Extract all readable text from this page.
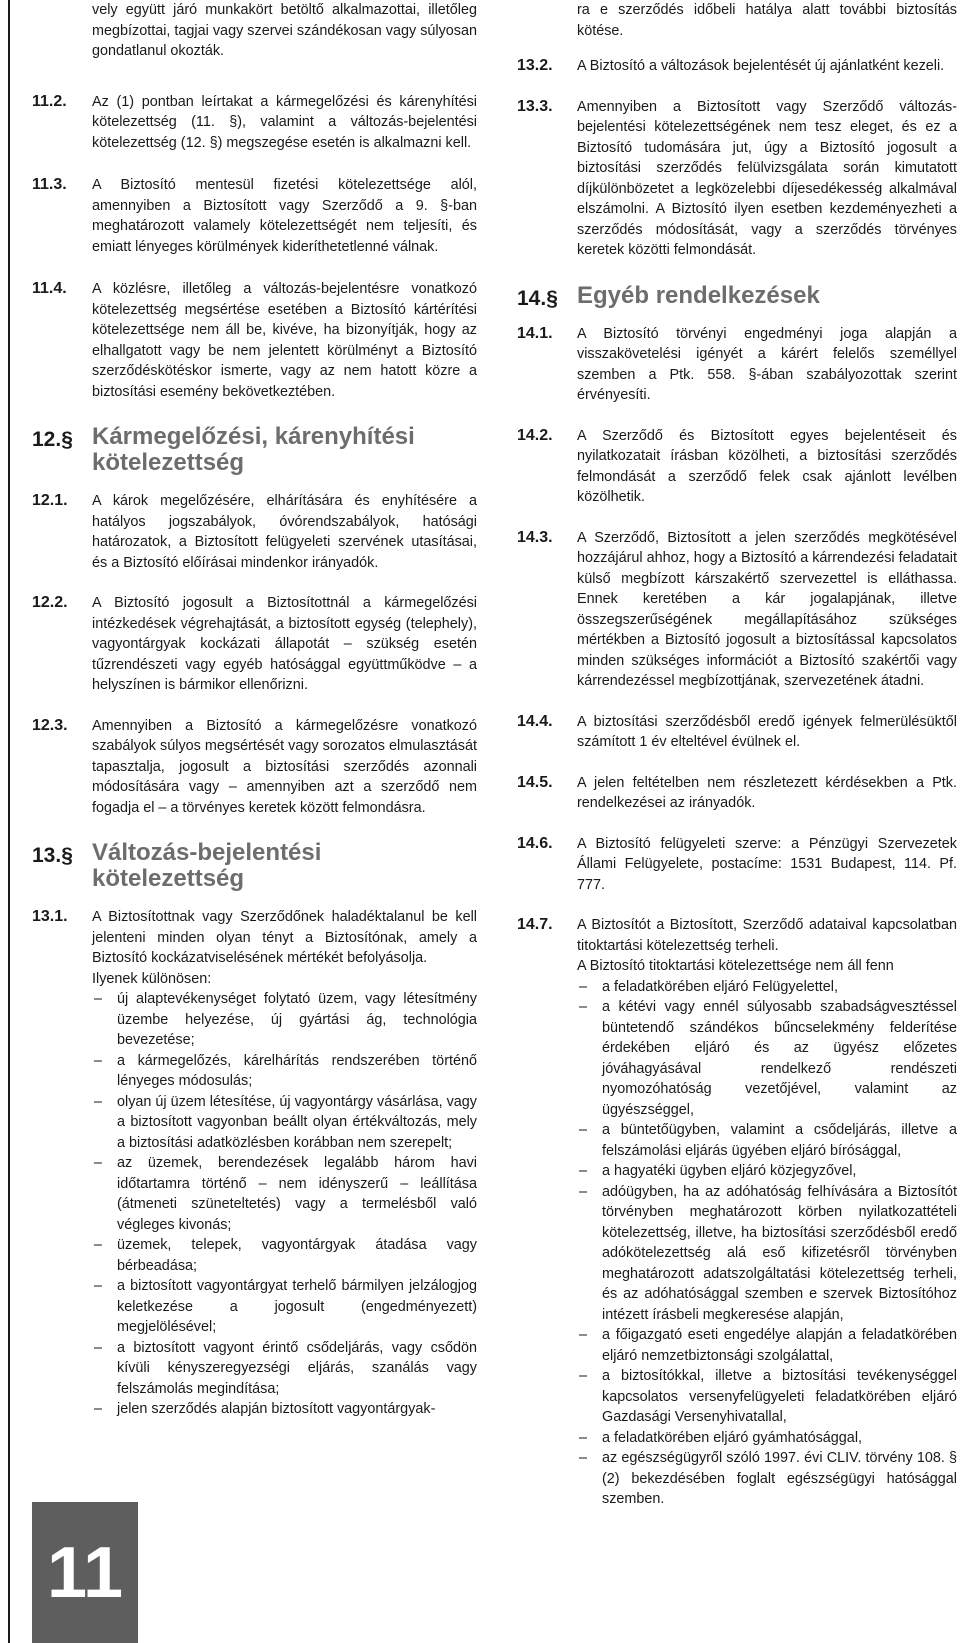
vely együtt járó munkakört betöltő alkalmazottai, illetőleg megbízottai, tagjai vagy szervei szándékosan vagy súlyosan gondatlanul okozták.
11.2. Az (1) pontban leírtakat a kármegelőzési és kárenyhítési kötelezettség (11. §), valamint a változás-bejelentési kötelezettség (12. §) megszegése esetén is alkalmazni kell.

11.3. A Biztosító mentesül fizetési kötelezettsége alól, amennyiben a Biztosított vagy Szerződő a 9. §-ban meghatározott valamely kötelezettségét nem teljesíti, és emiatt lényeges körülmények kideríthetetlenné válnak.

11.4. A közlésre, illetőleg a változás-bejelentésre vonatkozó kötelezettség megsértése esetében a Biztosító kártérítési kötelezettsége nem áll be, kivéve, ha bizonyítják, hogy az elhallgatott vagy be nem jelentett körülményt a Biztosító szerződéskötéskor ismerte, vagy az nem hatott közre a biztosítási esemény bekövetkeztében.

12.§ Kármegelőzési, kárenyhítési kötelezettség
12.1. A károk megelőzésére, elhárítására és enyhítésére a hatályos jogszabályok, óvórendszabályok, hatósági határozatok, a Biztosított felügyeleti szervének utasításai, és a Biztosító előírásai mindenkor irányadók.

12.2. A Biztosító jogosult a Biztosítottnál a kármegelőzési intézkedések végrehajtását, a biztosított egység (telephely), vagyontárgyak kockázati állapotát – szükség esetén tűzrendészeti vagy egyéb hatósággal együttműködve – a helyszínen is bármikor ellenőrizni.

12.3. Amennyiben a Biztosító a kármegelőzésre vonatkozó szabályok súlyos megsértését vagy sorozatos elmulasztását tapasztalja, jogosult a biztosítási szerződés azonnali módosítására vagy – amennyiben azt a szerződő nem fogadja el – a törvényes keretek között felmondásra.

13.§ Változás-bejelentési kötelezettség
13.1. A Biztosítottnak vagy Szerződőnek haladéktalanul be kell jelenteni minden olyan tényt a Biztosítónak, amely a Biztosító kockázatviselésének mértékét befolyásolja.

Ilyenek különösen:

– új alaptevékenységet folytató üzem, vagy létesítmény üzembe helyezése, új gyártási ág, technológia bevezetése;
– a kármegelőzés, kárelhárítás rendszerében történő lényeges módosulás;
– olyan új üzem létesítése, új vagyontárgy vásárlása, vagy a biztosított vagyonban beállt olyan értékváltozás, mely a biztosítási adatközlésben korábban nem szerepelt;
– az üzemek, berendezések legalább három havi időtartamra történő – nem idényszerű – leállítása (átmeneti szüneteltetés) vagy a termelésből való végleges kivonás;
– üzemek, telepek, vagyontárgyak átadása vagy bérbeadása;
– a biztosított vagyontárgyat terhelő bármilyen jelzálogjog keletkezése a jogosult (engedményezett) megjelölésével;
– a biztosított vagyont érintő csődeljárás, vagy csődön kívüli kényszeregyezségi eljárás, szanálás vagy felszámolás megindítása;
– jelen szerződés alapján biztosított vagyontárgyak-
ra e szerződés időbeli hatálya alatt további biztosítás kötése.
13.2. A Biztosító a változások bejelentését új ajánlatként kezeli.

13.3. Amennyiben a Biztosított vagy Szerződő változás-bejelentési kötelezettségének nem tesz eleget, és ez a Biztosító tudomására jut, úgy a Biztosító jogosult a biztosítási szerződés felülvizsgálata során kimutatott díjkülönbözetet a legközelebbi díjesedékesség alkalmával elszámolni. A Biztosító ilyen esetben kezdeményezheti a szerződés módosítását, vagy a szerződés törvényes keretek közötti felmondását.

14.§ Egyéb rendelkezések
14.1. A Biztosító törvényi engedményi joga alapján a visszakövetelési igényét a kárért felelős személlyel szemben a Ptk. 558. §-ában szabályozottak szerint érvényesíti.

14.2. A Szerződő és Biztosított egyes bejelentéseit és nyilatkozatait írásban közölheti, a biztosítási szerződés felmondását a szerződő felek csak ajánlott levélben közölhetik.

14.3. A Szerződő, Biztosított a jelen szerződés megkötésével hozzájárul ahhoz, hogy a Biztosító a kárrendezési feladatait külső megbízott kárszakértő szervezettel is elláthassa. Ennek keretében a kár jogalapjának, illetve összegszerűségének megállapításához szükséges mértékben a Biztosító jogosult a biztosítással kapcsolatos minden szükséges információt a Biztosító szakértői vagy kárrendezéssel megbízottjának, szervezetének átadni.

14.4. A biztosítási szerződésből eredő igények felmerülésüktől számított 1 év elteltével évülnek el.

14.5. A jelen feltételben nem részletezett kérdésekben a Ptk. rendelkezései az irányadók.

14.6. A Biztosító felügyeleti szerve: a Pénzügyi Szervezetek Állami Felügyelete, postacíme: 1531 Budapest, 114. Pf. 777.

14.7. A Biztosítót a Biztosított, Szerződő adataival kapcsolatban titoktartási kötelezettség terheli.

A Biztosító titoktartási kötelezettsége nem áll fenn

– a feladatkörében eljáró Felügyelettel,
– a kétévi vagy ennél súlyosabb szabadságvesztéssel büntetendő szándékos bűncselekmény felderítése érdekében eljáró és az ügyész előzetes jóváhagyásával rendelkező rendészeti nyomozóhatóság vezetőjével, valamint az ügyészséggel,
– a büntetőügyben, valamint a csődeljárás, illetve a felszámolási eljárás ügyében eljáró bírósággal,
– a hagyatéki ügyben eljáró közjegyzővel,
– adóügyben, ha az adóhatóság felhívására a Biztosítót törvényben meghatározott körben nyilatkozattételi kötelezettség, illetve, ha biztosítási szerződésből eredő adókötelezettség alá eső kifizetésről törvényben meghatározott adatszolgáltatási kötelezettség terheli, és az adóhatósággal szemben e szervek Biztosítóhoz intézett írásbeli megkeresése alapján,
– a főigazgató eseti engedélye alapján a feladatkörében eljáró nemzetbiztonsági szolgálattal,
– a biztosítókkal, illetve a biztosítási tevékenységgel kapcsolatos versenyfelügyeleti feladatkörében eljáró Gazdasági Versenyhivatallal,
– a feladatkörében eljáró gyámhatósággal,
– az egészségügyről szóló 1997. évi CLIV. törvény 108. § (2) bekezdésében foglalt egészségügyi hatósággal szemben.
11
